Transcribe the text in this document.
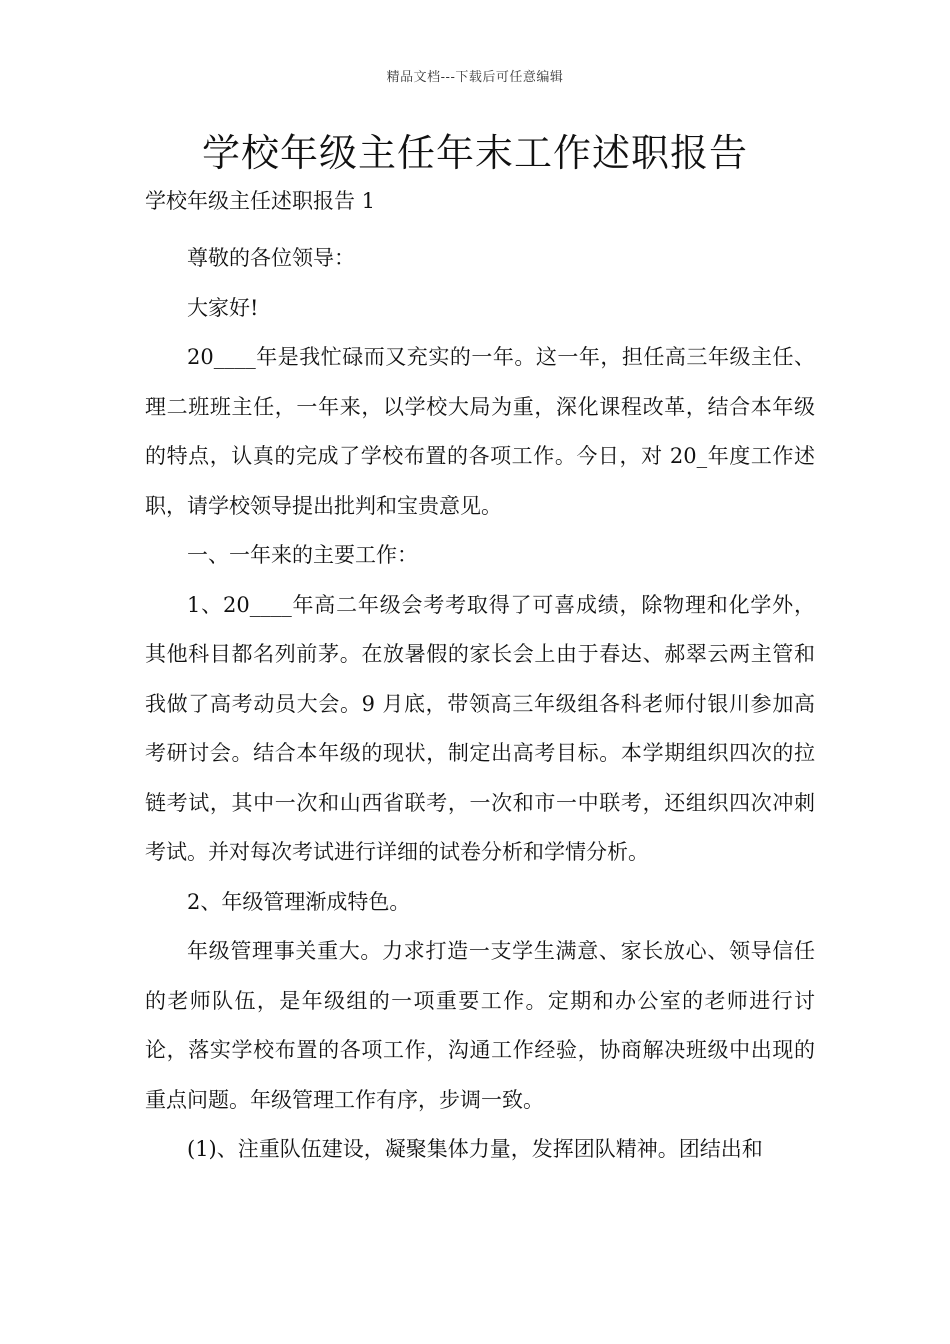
精品文档---下载后可任意编辑
学校年级主任年末工作述职报告
学校年级主任述职报告 1

尊敬的各位领导：

大家好!

20____年是我忙碌而又充实的一年。这一年，担任高三年级主任、理二班班主任，一年来，以学校大局为重，深化课程改革，结合本年级的特点，认真的完成了学校布置的各项工作。今日，对 20_年度工作述职，请学校领导提出批判和宝贵意见。

一、一年来的主要工作：

1、20____年高二年级会考考取得了可喜成绩，除物理和化学外，其他科目都名列前茅。在放暑假的家长会上由于春达、郝翠云两主管和我做了高考动员大会。9 月底，带领高三年级组各科老师付银川参加高考研讨会。结合本年级的现状，制定出高考目标。本学期组织四次的拉链考试，其中一次和山西省联考，一次和市一中联考，还组织四次冲刺考试。并对每次考试进行详细的试卷分析和学情分析。

2、年级管理渐成特色。

年级管理事关重大。力求打造一支学生满意、家长放心、领导信任的老师队伍，是年级组的一项重要工作。定期和办公室的老师进行讨论，落实学校布置的各项工作，沟通工作经验，协商解决班级中出现的重点问题。年级管理工作有序，步调一致。

(1)、注重队伍建设，凝聚集体力量，发挥团队精神。团结出和
